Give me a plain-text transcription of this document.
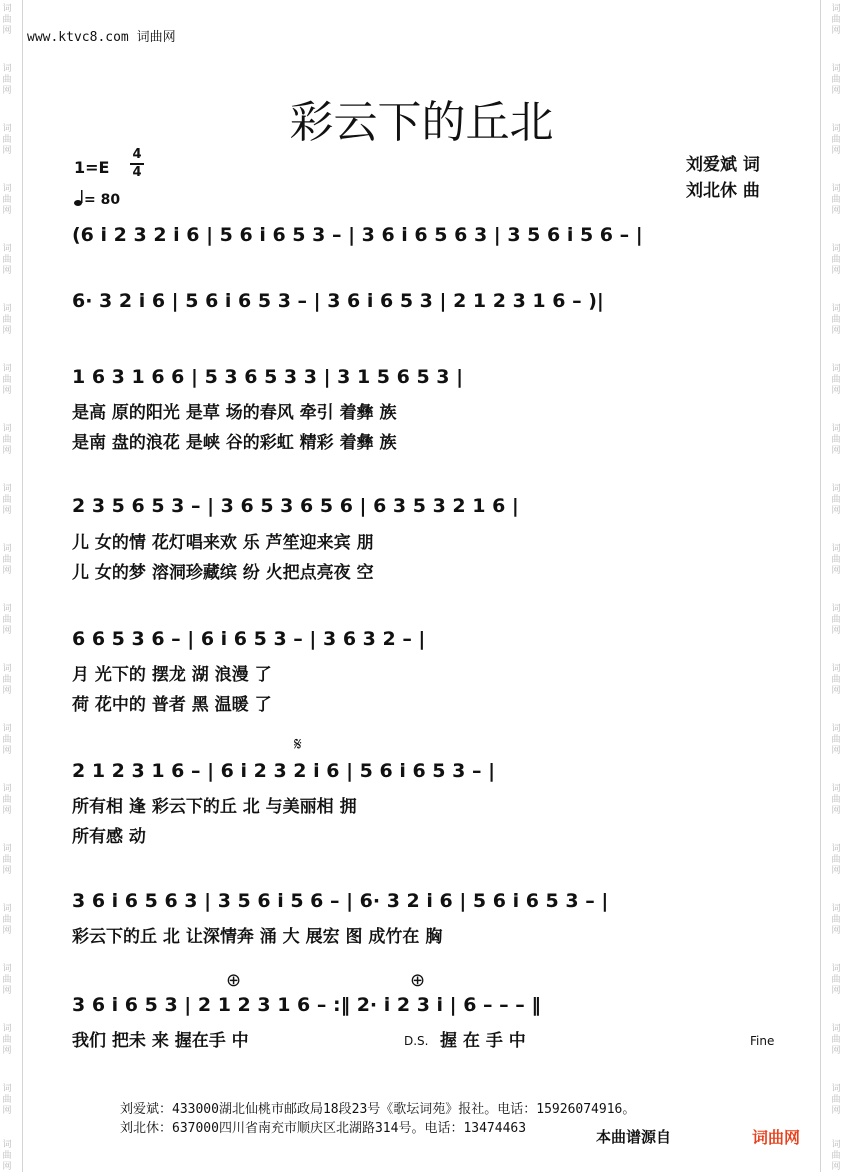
词曲网
词曲网
词曲网
词曲网
词曲网
词曲网
词曲网
词曲网
词曲网
词曲网
词曲网
词曲网
词曲网
词曲网
词曲网
词曲网
词曲网
词曲网
词曲网
词曲网
词曲网
词曲网
词曲网
词曲网
词曲网
词曲网
词曲网
词曲网
词曲网
词曲网
词曲网
词曲网
词曲网
词曲网
词曲网
词曲网
词曲网
词曲网
词曲网
词曲网
www.ktvc8.com 词曲网
彩云下的丘北
1=E
4
4
= 80
刘爱斌 词
刘北休 曲
(6 i 2 3 2 i 6 | 5 6 i 6 5 3 – | 3 6 i 6 5 6 3 | 3 5 6 i 5 6 – |
6· 3 2 i 6 | 5 6 i 6 5 3 – | 3 6 i 6 5 3 | 2 1 2 3 1 6 – )|
1 6 3 1 6 6 | 5 3 6 5 3 3 | 3 1 5 6 5 3 |
是高 原的阳光 是草 场的春风 牵引 着彝 族
是南 盘的浪花 是峡 谷的彩虹 精彩 着彝 族
2 3 5 6 5 3 – | 3 6 5 3 6 5 6 | 6 3 5 3 2 1 6 |
儿 女的情 花灯唱来欢 乐 芦笙迎来宾 朋
儿 女的梦 溶洞珍藏缤 纷 火把点亮夜 空
6 6 5 3 6 – | 6 i 6 5 3 – | 3 6 3 2 – |
月 光下的 摆龙 湖 浪漫 了
荷 花中的 普者 黑 温暖 了
𝄋
2 1 2 3 1 6 – | 6 i 2 3 2 i 6 | 5 6 i 6 5 3 – |
所有相 逢 彩云下的丘 北 与美丽相 拥
所有感 动
3 6 i 6 5 6 3 | 3 5 6 i 5 6 – | 6· 3 2 i 6 | 5 6 i 6 5 3 – |
彩云下的丘 北 让深情奔 涌 大 展宏 图 成竹在 胸
⊕	⊕
3 6 i 6 5 3 | 2 1 2 3 1 6 – :‖ 2· i 2 3 i | 6 – – – ‖
我们 把未 来 握在手 中	D.S. 握 在 手 中	Fine
刘爱斌：433000湖北仙桃市邮政局18段23号《歌坛词苑》报社。电话：15926074916。
刘北休：637000四川省南充市顺庆区北湖路314号。电话：13474463	本曲谱源自	词曲网
